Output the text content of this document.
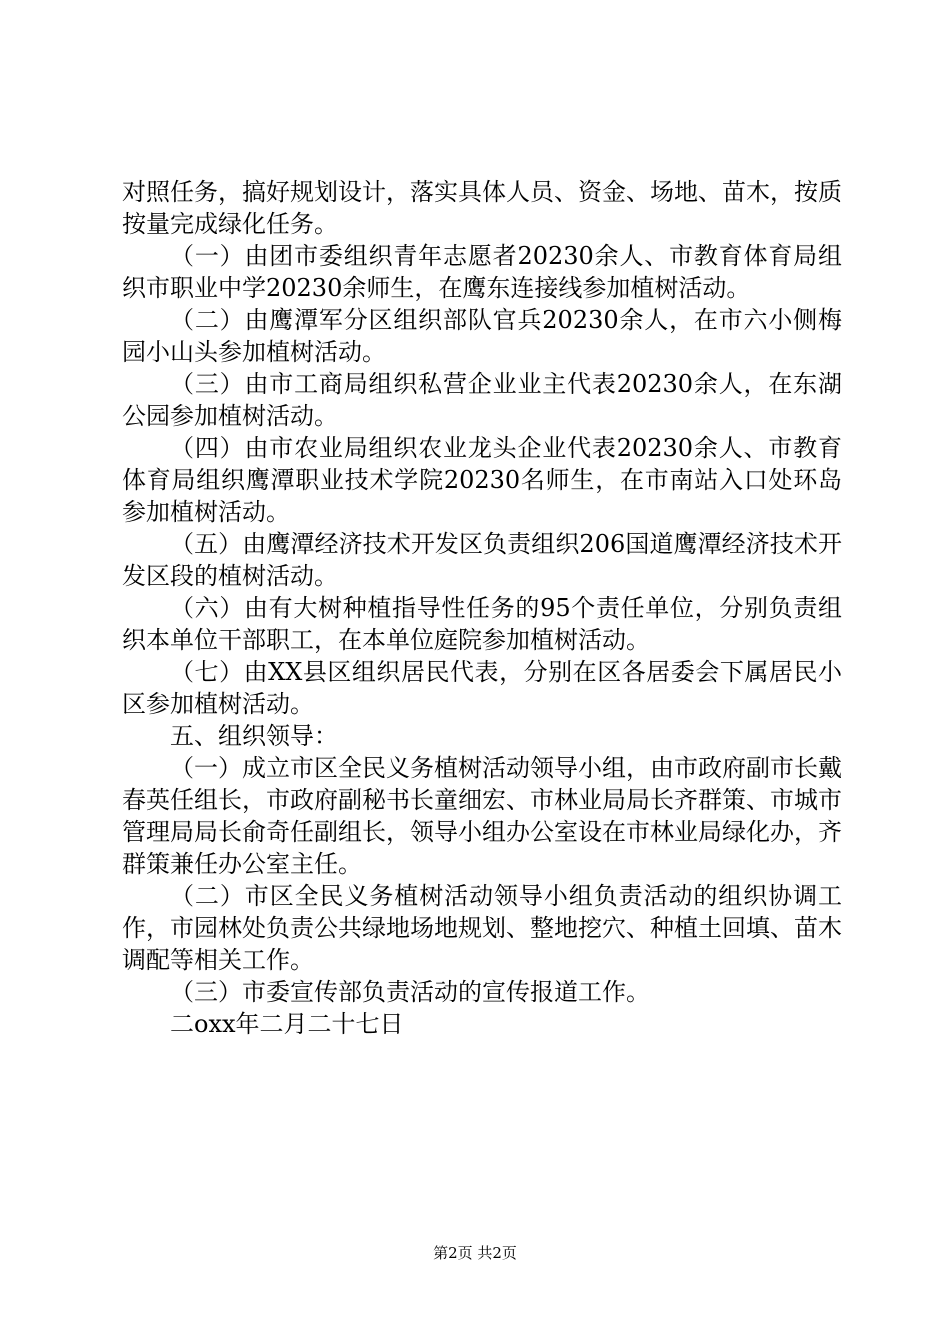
对照任务，搞好规划设计，落实具体人员、资金、场地、苗木，按质按量完成绿化任务。

（一）由团市委组织青年志愿者20230余人、市教育体育局组织市职业中学20230余师生，在鹰东连接线参加植树活动。

（二）由鹰潭军分区组织部队官兵20230余人，在市六小侧梅园小山头参加植树活动。

（三）由市工商局组织私营企业业主代表20230余人，在东湖公园参加植树活动。

（四）由市农业局组织农业龙头企业代表20230余人、市教育体育局组织鹰潭职业技术学院20230名师生，在市南站入口处环岛参加植树活动。

（五）由鹰潭经济技术开发区负责组织206国道鹰潭经济技术开发区段的植树活动。

（六）由有大树种植指导性任务的95个责任单位，分别负责组织本单位干部职工，在本单位庭院参加植树活动。

（七）由XX县区组织居民代表，分别在区各居委会下属居民小区参加植树活动。

五、组织领导：

（一）成立市区全民义务植树活动领导小组，由市政府副市长戴春英任组长，市政府副秘书长童细宏、市林业局局长齐群策、市城市管理局局长俞奇任副组长，领导小组办公室设在市林业局绿化办，齐群策兼任办公室主任。

（二）市区全民义务植树活动领导小组负责活动的组织协调工作，市园林处负责公共绿地场地规划、整地挖穴、种植土回填、苗木调配等相关工作。

（三）市委宣传部负责活动的宣传报道工作。

二oxx年二月二十七日

第2页 共2页
